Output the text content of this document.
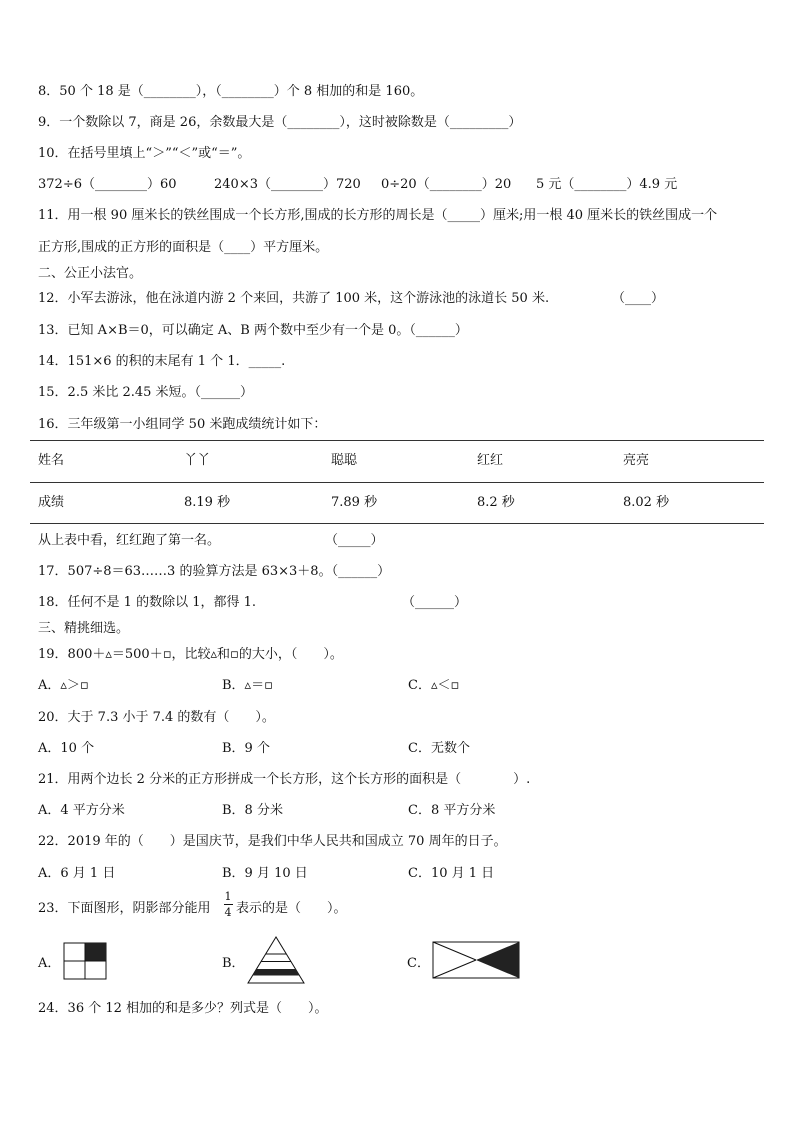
8．50 个 18 是（________），（________）个 8 相加的和是 160。
9．一个数除以 7，商是 26，余数最大是（________），这时被除数是（_________）
10．在括号里填上“＞”“＜”或“＝”。
372÷6（________）60	240×3（________）720 0÷20（________）20 5 元（________）4.9 元
11．用一根 90 厘米长的铁丝围成一个长方形,围成的长方形的周长是（_____）厘米;用一根 40 厘米长的铁丝围成一个
正方形,围成的正方形的面积是（____）平方厘米。
二、公正小法官。
12．小军去游泳，他在泳道内游 2 个来回，共游了 100 米，这个游泳池的泳道长 50 米.	（____）
13．已知 A×B＝0，可以确定 A、B 两个数中至少有一个是 0。（______）
14．151×6 的积的末尾有 1 个 1．_____.
15．2.5 米比 2.45 米短。（______）
16．三年级第一小组同学 50 米跑成绩统计如下：
姓名	丫丫	聪聪	红红	亮亮
成绩	8.19 秒	7.89 秒	8.2 秒	8.02 秒
从上表中看，红红跑了第一名。	（_____）
17．507÷8＝63……3 的验算方法是 63×3＋8。（______）
18．任何不是 1 的数除以 1，都得 1.	（______）
三、精挑细选。
19．800＋▵＝500＋▫，比较▵和▫的大小，（　　）。
A．▵＞▫	B．▵＝▫	C．▵＜▫
20．大于 7.3 小于 7.4 的数有（　　）。
A．10 个	B．9 个	C．无数个
21．用两个边长 2 分米的正方形拼成一个长方形，这个长方形的面积是（　　　　）.
A．4 平方分米	B．8 分米	C．8 平方分米
22．2019 年的（　　）是国庆节，是我们中华人民共和国成立 70 周年的日子。
A．6 月 1 日	B．9 月 10 日	C．10 月 1 日
23．下面图形，阴影部分能用
1
4 表示的是（　　）。
A．	B．	C．
24．36 个 12 相加的和是多少？列式是（　　）。
